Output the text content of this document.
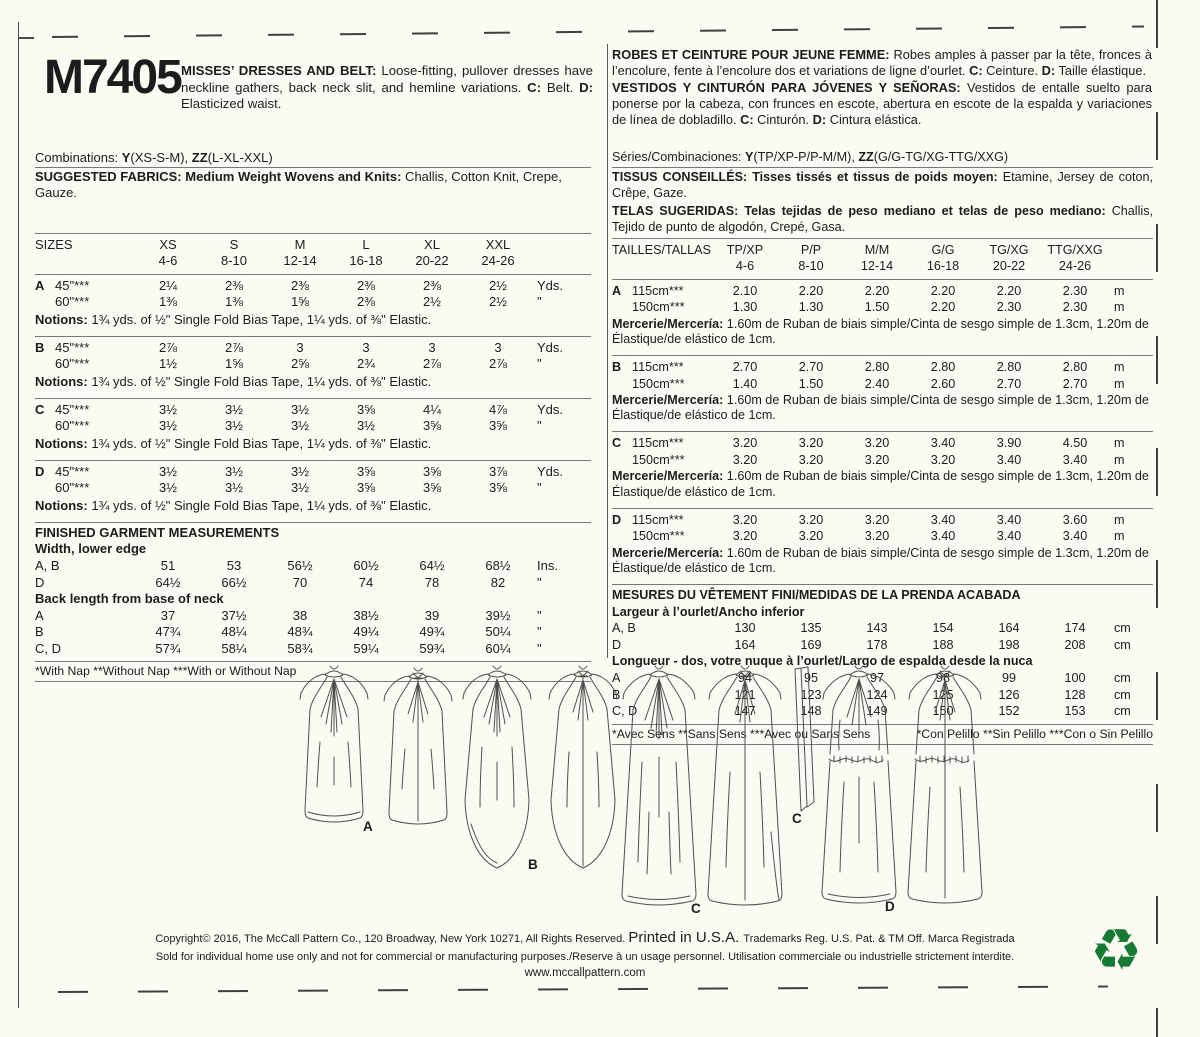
M7405 MISSES’ DRESSES AND BELT: Loose-fitting, pullover dresses have neckline gathers, back neck slit, and hemline variations. C: Belt. D: Elasticized waist.

ROBES ET CEINTURE POUR JEUNE FEMME: Robes amples à passer par la tête, fronces à l’encolure, fente à l’encolure dos et variations de ligne d’ourlet. C: Ceinture. D: Taille élastique.

VESTIDOS Y CINTURÓN PARA JÓVENES Y SEÑORAS: Vestidos de entalle suelto para ponerse por la cabeza, con frunces en escote, abertura en escote de la espalda y variaciones de línea de dobladillo. C: Cinturón. D: Cintura elástica.

Combinations: Y(XS-S-M), ZZ(L-XL-XXL)

SUGGESTED FABRICS: Medium Weight Wovens and Knits: Challis, Cotton Knit, Crepe, Gauze.

SIZES	XS	S	M	L	XL	XXL
4-6	8-10	12-14	16-18	20-22	24-26
A 45"***	2¼	2⅜	2⅜	2⅜	2⅜	2½	Yds.
60"***	1⅜	1⅜	1⅝	2⅜	2½	2½	"

Notions: 1¾ yds. of ½" Single Fold Bias Tape, 1¼ yds. of ⅜" Elastic.

B 45"***	2⅞	2⅞	3	3	3	3	Yds.
60"***	1½	1⅝	2⅝	2¾	2⅞	2⅞	"

Notions: 1¾ yds. of ½" Single Fold Bias Tape, 1¼ yds. of ⅜" Elastic.

C 45"***	3½	3½	3½	3⅝	4¼	4⅞	Yds.
60"***	3½	3½	3½	3½	3⅝	3⅝	"

Notions: 1¾ yds. of ½" Single Fold Bias Tape, 1¼ yds. of ⅜" Elastic.

D 45"***	3½	3½	3½	3⅝	3⅝	3⅞	Yds.
60"***	3½	3½	3½	3⅝	3⅝	3⅝	"

Notions: 1¾ yds. of ½" Single Fold Bias Tape, 1¼ yds. of ⅜" Elastic.

FINISHED GARMENT MEASUREMENTS

Width, lower edge

A, B	51	53	56½	60½	64½	68½	Ins.
D	64½	66½	70	74	78	82	"

Back length from base of neck

A	37	37½	38	38½	39	39½	"
B	47¾	48¼	48¾	49¼	49¾	50¼	"
C, D	57¾	58¼	58¾	59¼	59¾	60¼	"
*With Nap **Without Nap ***With or Without Nap

Séries/Combinaciones: Y(TP/XP-P/P-M/M), ZZ(G/G-TG/XG-TTG/XXG)

TISSUS CONSEILLÉS: Tisses tissés et tissus de poids moyen: Etamine, Jersey de coton, Crêpe, Gaze.

TELAS SUGERIDAS: Telas tejidas de peso mediano et telas de peso mediano: Challis, Tejido de punto de algodón, Crepé, Gasa.

TAILLES/TALLAS	TP/XP	P/P	M/M	G/G	TG/XG	TTG/XXG
4-6	8-10	12-14	16-18	20-22	24-26
A 115cm***	2.10	2.20	2.20	2.20	2.20	2.30	m
150cm***	1.30	1.30	1.50	2.20	2.30	2.30	m

Mercerie/Mercería: 1.60m de Ruban de biais simple/Cinta de sesgo simple de 1.3cm, 1.20m de Élastique/de elástico de 1cm.

B 115cm***	2.70	2.70	2.80	2.80	2.80	2.80	m
150cm***	1.40	1.50	2.40	2.60	2.70	2.70	m

Mercerie/Mercería: 1.60m de Ruban de biais simple/Cinta de sesgo simple de 1.3cm, 1.20m de Élastique/de elástico de 1cm.

C 115cm***	3.20	3.20	3.20	3.40	3.90	4.50	m
150cm***	3.20	3.20	3.20	3.20	3.40	3.40	m

Mercerie/Mercería: 1.60m de Ruban de biais simple/Cinta de sesgo simple de 1.3cm, 1.20m de Élastique/de elástico de 1cm.

D 115cm***	3.20	3.20	3.20	3.40	3.40	3.60	m
150cm***	3.20	3.20	3.20	3.40	3.40	3.40	m

Mercerie/Mercería: 1.60m de Ruban de biais simple/Cinta de sesgo simple de 1.3cm, 1.20m de Élastique/de elástico de 1cm.

MESURES DU VÊTEMENT FINI/MEDIDAS DE LA PRENDA ACABADA

Largeur à l’ourlet/Ancho inferior

A, B	130	135	143	154	164	174	cm
D	164	169	178	188	198	208	cm

Longueur - dos, votre nuque à l’ourlet/Largo de espalda desde la nuca

A	94	95	97	98	99	100	cm
B	121	123	124	125	126	128	cm
C, D	147	148	149	150	152	153	cm
*Avec Sens **Sans Sens ***Avec ou Sans Sens	*Con Pelillo **Sin Pelillo ***Con o Sin Pelillo
A
B
C
C
D
Copyright© 2016, The McCall Pattern Co., 120 Broadway, New York 10271, All Rights Reserved. Printed in U.S.A. Trademarks Reg. U.S. Pat. & TM Off. Marca Registrada
Sold for individual home use only and not for commercial or manufacturing purposes./Reserve à un usage personnel. Utilisation commerciale ou industrielle strictement interdite.
www.mccallpattern.com	♻
